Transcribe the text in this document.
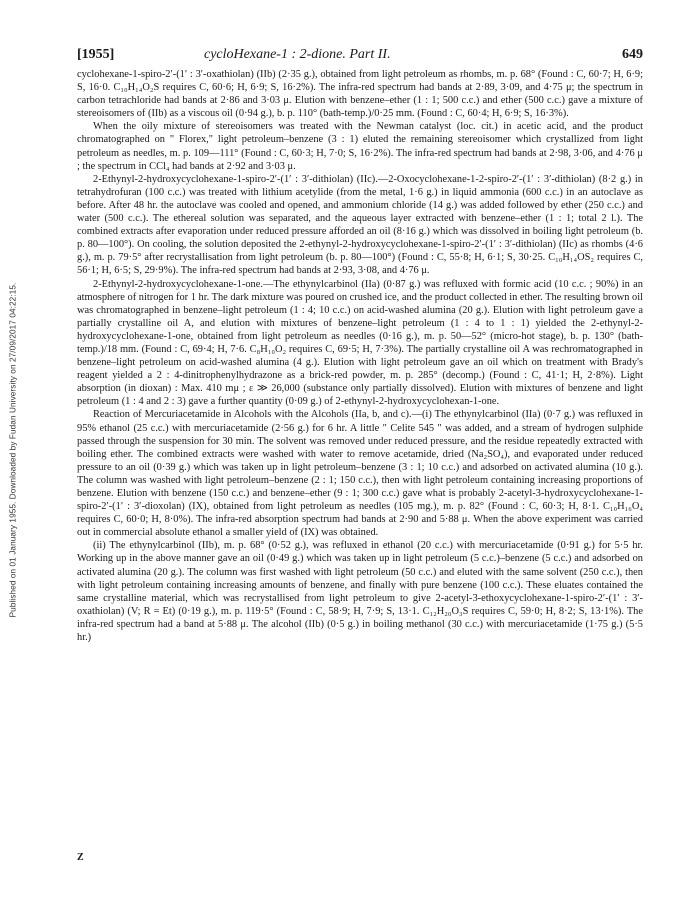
Published on 01 January 1955. Downloaded by Fudan University on 27/09/2017 04:22:15.
[1955]	cycloHexane-1 : 2-dione. Part II.	649

cyclohexane-1-spiro-2′-(1′ : 3′-oxathiolan) (IIb) (2·35 g.), obtained from light petroleum as rhombs, m. p. 68° (Found : C, 60·7; H, 6·9; S, 16·0. C₁₀H₁₄O₂S requires C, 60·6; H, 6·9; S, 16·2%). The infra-red spectrum had bands at 2·89, 3·09, and 4·75 μ; the spectrum in carbon tetrachloride had bands at 2·86 and 3·03 μ. Elution with benzene–ether (1 : 1; 500 c.c.) and ether (500 c.c.) gave a mixture of stereoisomers of (IIb) as a viscous oil (0·94 g.), b. p. 110° (bath-temp.)/0·25 mm. (Found : C, 60·4; H, 6·9; S, 16·3%).

When the oily mixture of stereoisomers was treated with the Newman catalyst (loc. cit.) in acetic acid, and the product chromatographed on " Florex," light petroleum–benzene (3 : 1) eluted the remaining stereoisomer which crystallized from light petroleum as needles, m. p. 109—111° (Found : C, 60·3; H, 7·0; S, 16·2%). The infra-red spectrum had bands at 2·98, 3·06, and 4·76 μ ; the spectrum in CCl₄ had bands at 2·92 and 3·03 μ.

2-Ethynyl-2-hydroxycyclohexane-1-spiro-2′-(1′ : 3′-dithiolan) (IIc).—2-Oxocyclohexane-1-2-spiro-2′-(1′ : 3′-dithiolan) (8·2 g.) in tetrahydrofuran (100 c.c.) was treated with lithium acetylide (from the metal, 1·6 g.) in liquid ammonia (600 c.c.) in an autoclave as before. After 48 hr. the autoclave was cooled and opened, and ammonium chloride (14 g.) was added followed by ether (250 c.c.) and water (500 c.c.). The ethereal solution was separated, and the aqueous layer extracted with benzene–ether (1 : 1; total 2 l.). The combined extracts after evaporation under reduced pressure afforded an oil (8·16 g.) which was dissolved in boiling light petroleum (b. p. 80—100°). On cooling, the solution deposited the 2-ethynyl-2-hydroxycyclohexane-1-spiro-2′-(1′ : 3′-dithiolan) (IIc) as rhombs (4·6 g.), m. p. 79·5° after recrystallisation from light petroleum (b. p. 80—100°) (Found : C, 55·8; H, 6·1; S, 30·25. C₁₀H₁₄OS₂ requires C, 56·1; H, 6·5; S, 29·9%). The infra-red spectrum had bands at 2·93, 3·08, and 4·76 μ.

2-Ethynyl-2-hydroxycyclohexane-1-one.—The ethynylcarbinol (IIa) (0·87 g.) was refluxed with formic acid (10 c.c. ; 90%) in an atmosphere of nitrogen for 1 hr. The dark mixture was poured on crushed ice, and the product collected in ether. The resulting brown oil was chromatographed in benzene–light petroleum (1 : 4; 10 c.c.) on acid-washed alumina (20 g.). Elution with light petroleum gave a partially crystalline oil A, and elution with mixtures of benzene–light petroleum (1 : 4 to 1 : 1) yielded the 2-ethynyl-2-hydroxycyclohexane-1-one, obtained from light petroleum as needles (0·16 g.), m. p. 50—52° (micro-hot stage), b. p. 130° (bath-temp.)/18 mm. (Found : C, 69·4; H, 7·6. C₈H₁₀O₂ requires C, 69·5; H, 7·3%). The partially crystalline oil A was rechromatographed in benzene–light petroleum on acid-washed alumina (4 g.). Elution with light petroleum gave an oil which on treatment with Brady's reagent yielded a 2 : 4-dinitrophenylhydrazone as a brick-red powder, m. p. 285° (decomp.) (Found : C, 41·1; H, 2·8%). Light absorption (in dioxan) : Max. 410 mμ ; ε ≫ 26,000 (substance only partially dissolved). Elution with mixtures of benzene and light petroleum (1 : 4 and 2 : 3) gave a further quantity (0·09 g.) of 2-ethynyl-2-hydroxycyclohexan-1-one.

Reaction of Mercuriacetamide in Alcohols with the Alcohols (IIa, b, and c).—(i) The ethynylcarbinol (IIa) (0·7 g.) was refluxed in 95% ethanol (25 c.c.) with mercuriacetamide (2·56 g.) for 6 hr. A little " Celite 545 " was added, and a stream of hydrogen sulphide passed through the suspension for 30 min. The solvent was removed under reduced pressure, and the residue repeatedly extracted with boiling ether. The combined extracts were washed with water to remove acetamide, dried (Na₂SO₄), and evaporated under reduced pressure to an oil (0·39 g.) which was taken up in light petroleum–benzene (3 : 1; 10 c.c.) and adsorbed on activated alumina (10 g.). The column was washed with light petroleum–benzene (2 : 1; 150 c.c.), then with light petroleum containing increasing proportions of benzene. Elution with benzene (150 c.c.) and benzene–ether (9 : 1; 300 c.c.) gave what is probably 2-acetyl-3-hydroxycyclohexane-1-spiro-2′-(1′ : 3′-dioxolan) (IX), obtained from light petroleum as needles (105 mg.), m. p. 82° (Found : C, 60·3; H, 8·1. C₁₀H₁₆O₄ requires C, 60·0; H, 8·0%). The infra-red absorption spectrum had bands at 2·90 and 5·88 μ. When the above experiment was carried out in commercial absolute ethanol a smaller yield of (IX) was obtained.

(ii) The ethynylcarbinol (IIb), m. p. 68° (0·52 g.), was refluxed in ethanol (20 c.c.) with mercuriacetamide (0·91 g.) for 5·5 hr. Working up in the above manner gave an oil (0·49 g.) which was taken up in light petroleum (5 c.c.)–benzene (5 c.c.) and adsorbed on activated alumina (20 g.). The column was first washed with light petroleum (50 c.c.) and eluted with the same solvent (250 c.c.), then with light petroleum containing increasing amounts of benzene, and finally with pure benzene (100 c.c.). These eluates contained the same crystalline material, which was recrystallised from light petroleum to give 2-acetyl-3-ethoxycyclohexane-1-spiro-2′-(1′ : 3′-oxathiolan) (V; R = Et) (0·19 g.), m. p. 119·5° (Found : C, 58·9; H, 7·9; S, 13·1. C₁₂H₂₀O₃S requires C, 59·0; H, 8·2; S, 13·1%). The infra-red spectrum had a band at 5·88 μ. The alcohol (IIb) (0·5 g.) in boiling methanol (30 c.c.) with mercuriacetamide (1·75 g.) (5·5 hr.)

Z
